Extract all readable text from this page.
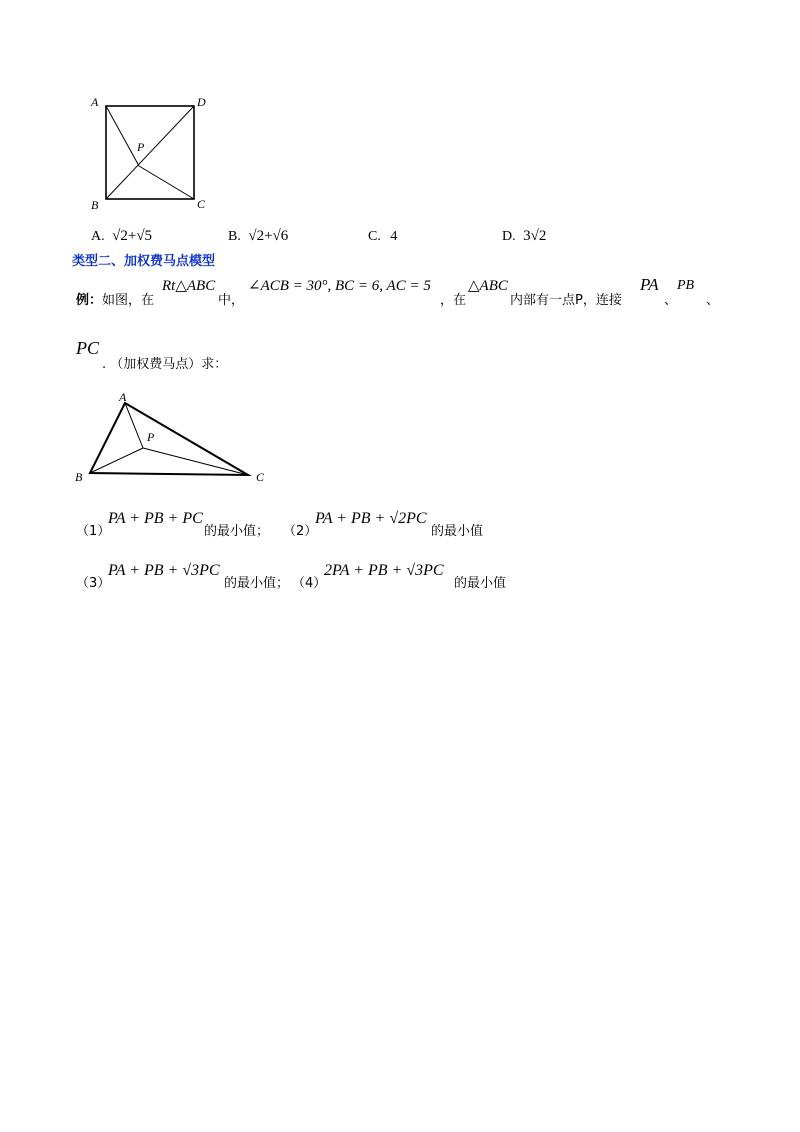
A	D
P
B	C
A. √2+√5	B. √2+√6	C. 4	D. 3√2
类型二、加权费马点模型
例： 如图，在
Rt△ABC
中，
∠ACB = 30°, BC = 6, AC = 5
，在
△ABC
内部有一点P，连接
PA
、
PB
、
PC
. （加权费马点）求：
A
P
B	C
（1）
PA + PB + PC
的最小值； （2）
PA + PB + √2PC
的最小值
（3）
PA + PB + √3PC
的最小值； （4）
2PA + PB + √3PC
的最小值
